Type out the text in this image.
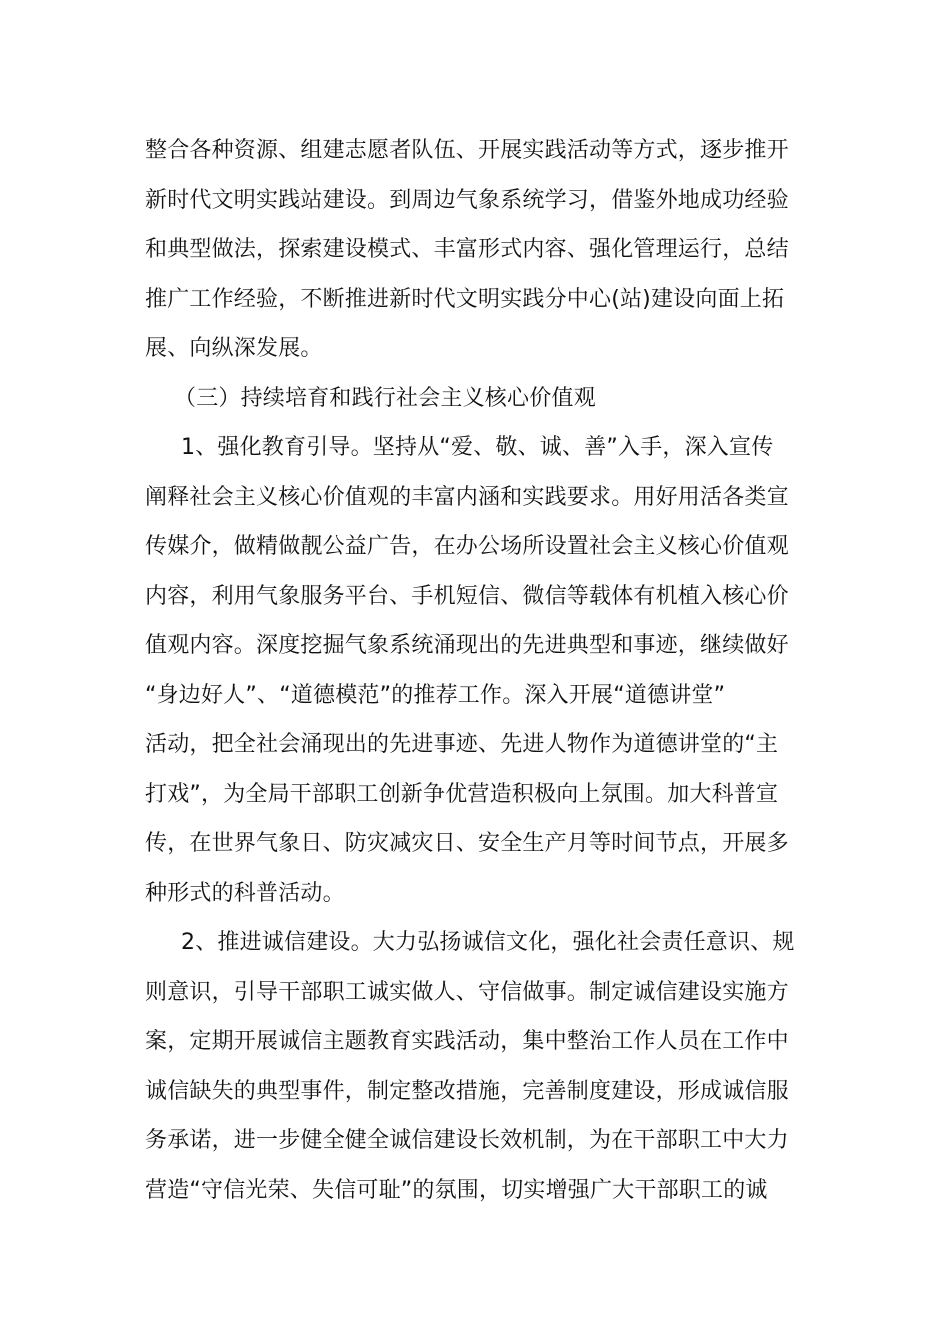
整合各种资源、组建志愿者队伍、开展实践活动等方式，逐步推开
新时代文明实践站建设。到周边气象系统学习，借鉴外地成功经验
和典型做法，探索建设模式、丰富形式内容、强化管理运行，总结
推广工作经验，不断推进新时代文明实践分中心(站)建设向面上拓
展、向纵深发展。
（三）持续培育和践行社会主义核心价值观
1、强化教育引导。坚持从“爱、敬、诚、善”入手，深入宣传
阐释社会主义核心价值观的丰富内涵和实践要求。用好用活各类宣
传媒介，做精做靓公益广告，在办公场所设置社会主义核心价值观
内容，利用气象服务平台、手机短信、微信等载体有机植入核心价
值观内容。深度挖掘气象系统涌现出的先进典型和事迹，继续做好
“身边好人”、“道德模范”的推荐工作。深入开展“道德讲堂”
活动，把全社会涌现出的先进事迹、先进人物作为道德讲堂的“主
打戏”，为全局干部职工创新争优营造积极向上氛围。加大科普宣
传，在世界气象日、防灾减灾日、安全生产月等时间节点，开展多
种形式的科普活动。
2、推进诚信建设。大力弘扬诚信文化，强化社会责任意识、规
则意识，引导干部职工诚实做人、守信做事。制定诚信建设实施方
案，定期开展诚信主题教育实践活动，集中整治工作人员在工作中
诚信缺失的典型事件，制定整改措施，完善制度建设，形成诚信服
务承诺，进一步健全健全诚信建设长效机制，为在干部职工中大力
营造“守信光荣、失信可耻”的氛围，切实增强广大干部职工的诚
